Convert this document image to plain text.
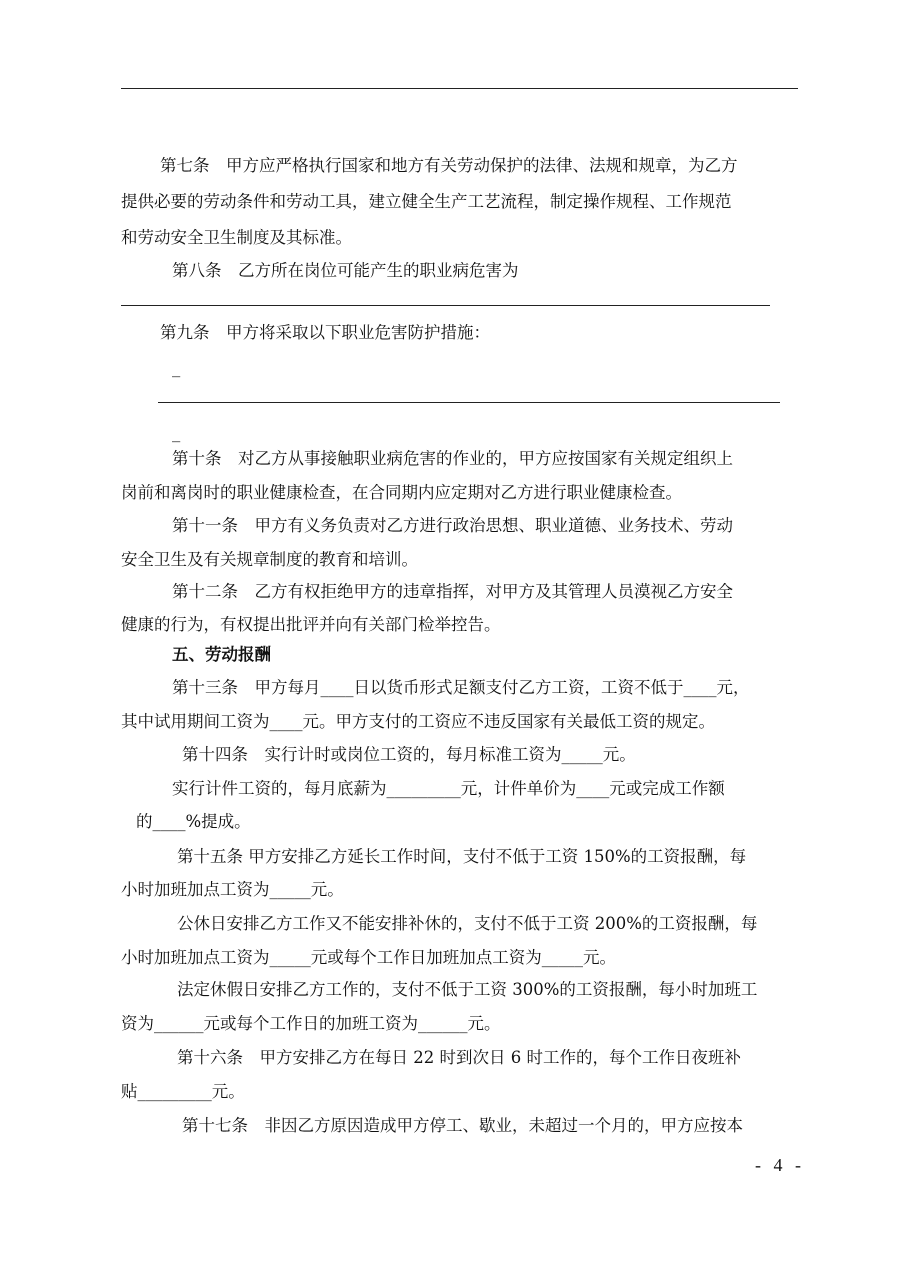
第七条　甲方应严格执行国家和地方有关劳动保护的法律、法规和规章，为乙方
提供必要的劳动条件和劳动工具，建立健全生产工艺流程，制定操作规程、工作规范
和劳动安全卫生制度及其标准。
第八条　乙方所在岗位可能产生的职业病危害为
第九条　甲方将采取以下职业危害防护措施：
_
_
第十条　对乙方从事接触职业病危害的作业的，甲方应按国家有关规定组织上
岗前和离岗时的职业健康检查，在合同期内应定期对乙方进行职业健康检查。
第十一条　甲方有义务负责对乙方进行政治思想、职业道德、业务技术、劳动
安全卫生及有关规章制度的教育和培训。
第十二条　乙方有权拒绝甲方的违章指挥，对甲方及其管理人员漠视乙方安全
健康的行为，有权提出批评并向有关部门检举控告。
五、劳动报酬
第十三条　甲方每月____日以货币形式足额支付乙方工资，工资不低于____元，
其中试用期间工资为____元。甲方支付的工资应不违反国家有关最低工资的规定。
第十四条　实行计时或岗位工资的，每月标准工资为_____元。
实行计件工资的，每月底薪为_________元，计件单价为____元或完成工作额
的____%提成。
第十五条 甲方安排乙方延长工作时间，支付不低于工资 150%的工资报酬，每
小时加班加点工资为_____元。
公休日安排乙方工作又不能安排补休的，支付不低于工资 200%的工资报酬，每
小时加班加点工资为_____元或每个工作日加班加点工资为_____元。
法定休假日安排乙方工作的，支付不低于工资 300%的工资报酬，每小时加班工
资为______元或每个工作日的加班工资为______元。
第十六条　甲方安排乙方在每日 22 时到次日 6 时工作的，每个工作日夜班补
贴_________元。
第十七条　非因乙方原因造成甲方停工、歇业，未超过一个月的，甲方应按本
- 4 -
